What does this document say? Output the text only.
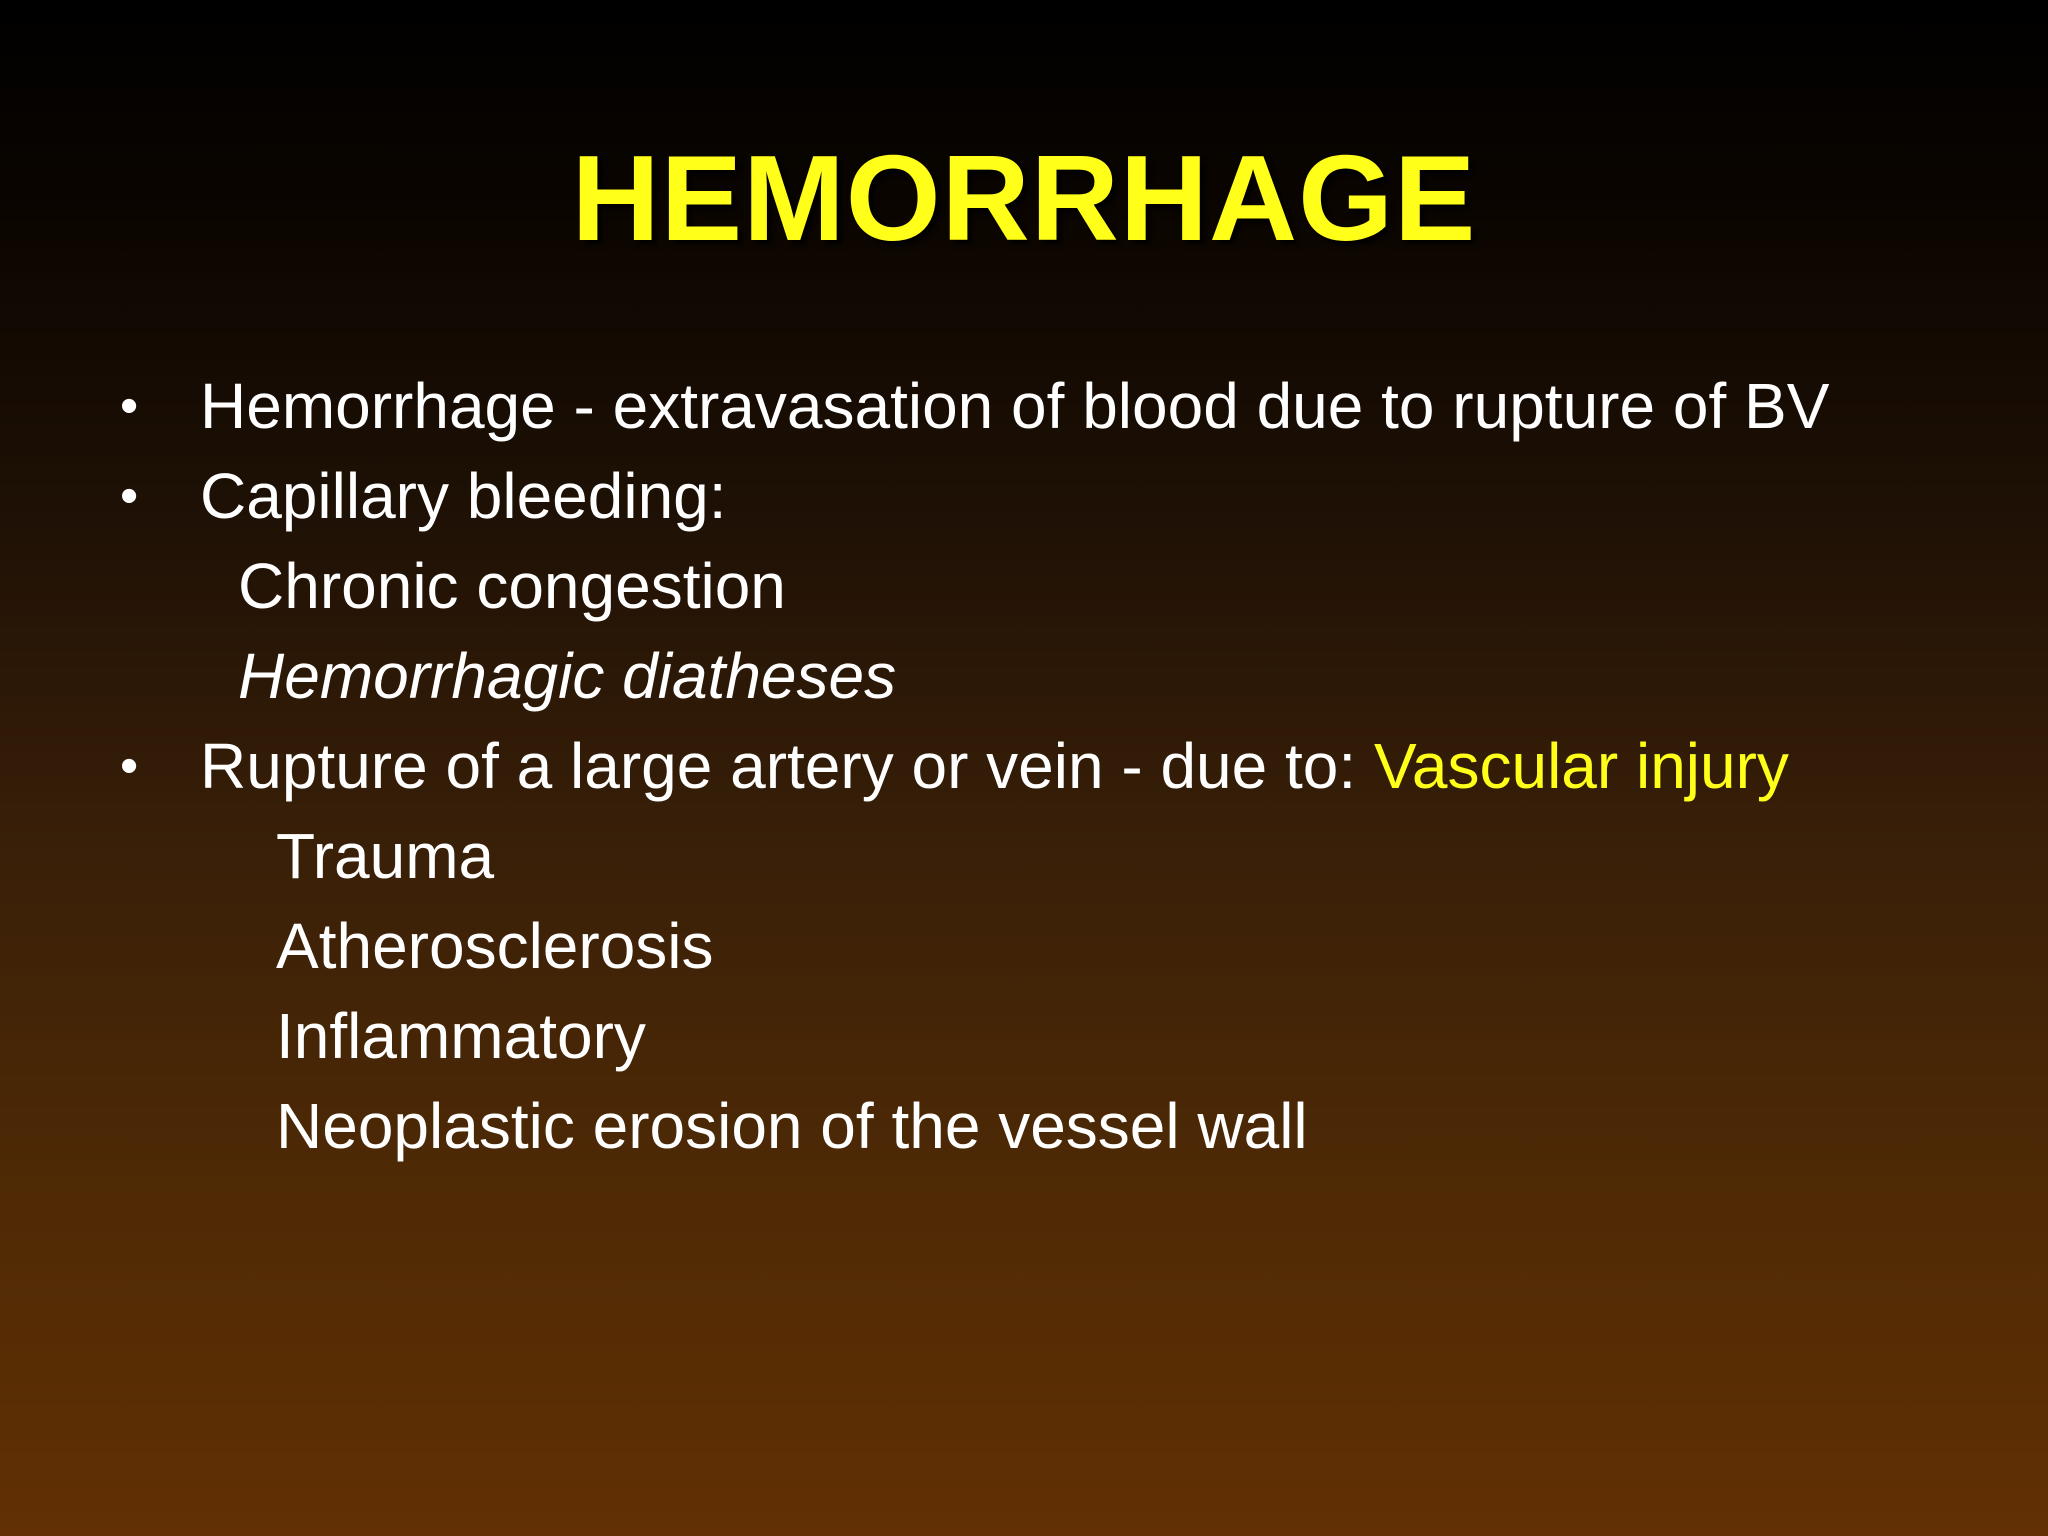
HEMORRHAGE
• Hemorrhage - extravasation of blood due to rupture of BV

• Capillary bleeding:

Chronic congestion

Hemorrhagic diatheses

• Rupture of a large artery or vein - due to: Vascular injury

Trauma

Atherosclerosis

Inflammatory

Neoplastic erosion of the vessel wall
